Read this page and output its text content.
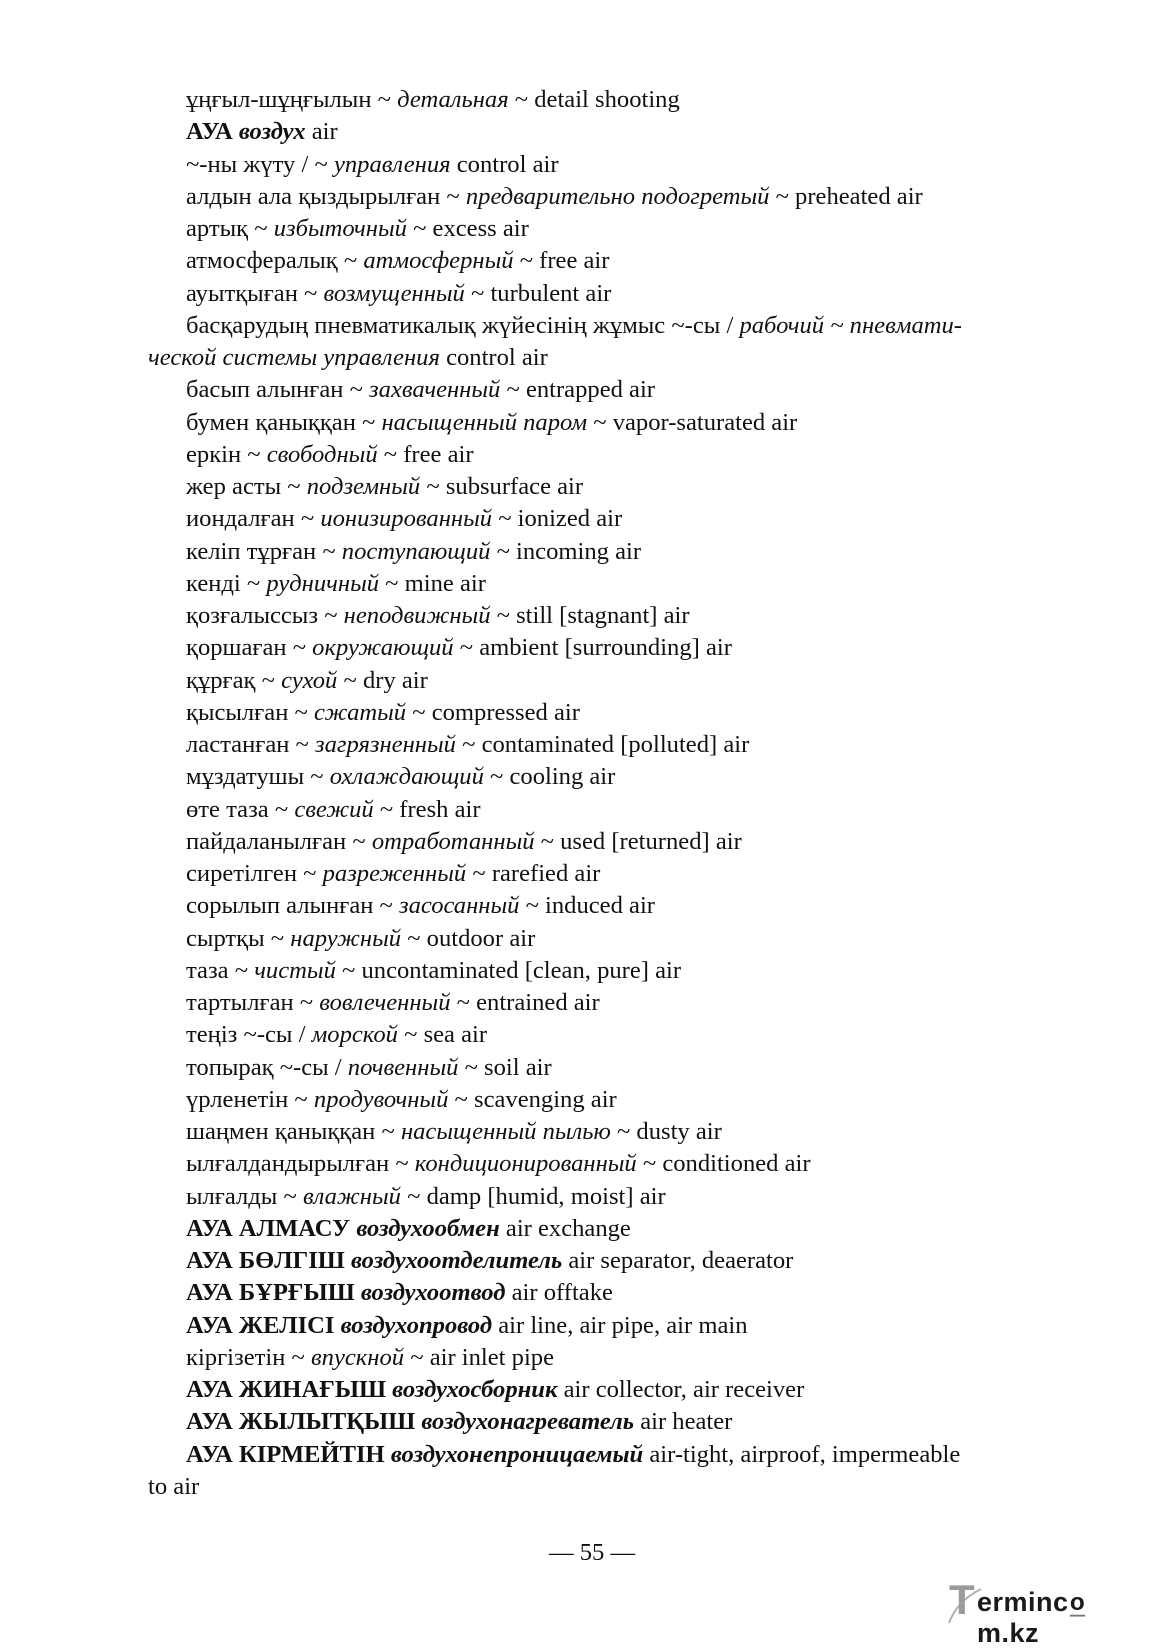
ұңғыл-шұңғылын ~ детальная ~ detail shooting
АУА воздух air
~-ны жүту / ~ управления control air
алдын ала қыздырылған ~ предварительно подогретый ~ preheated air
артық ~ избыточный ~ excess air
атмосфералық ~ атмосферный ~ free air
ауытқыған ~ возмущенный ~ turbulent air
басқарудың пневматикалық жүйесінің жұмыс ~-сы / рабочий ~ пневмати-
ческой системы управления control air
басып алынған ~ захваченный ~ entrapped air
бумен қаныққан ~ насыщенный паром ~ vapor-saturated air
еркін ~ свободный ~ free air
жер асты ~ подземный ~ subsurface air
иондалған ~ ионизированный ~ ionized air
келіп тұрған ~ поступающий ~ incoming air
кенді ~ рудничный ~ mine air
қозғалыссыз ~ неподвижный ~ still [stagnant] air
қоршаған ~ окружающий ~ ambient [surrounding] air
құрғақ ~ сухой ~ dry air
қысылған ~ сжатый ~ compressed air
ластанған ~ загрязненный ~ contaminated [polluted] air
мұздатушы ~ охлаждающий ~ cooling air
өте таза ~ свежий ~ fresh air
пайдаланылған ~ отработанный ~ used [returned] air
сиретілген ~ разреженный ~ rarefied air
сорылып алынған ~ засосанный ~ induced air
сыртқы ~ наружный ~ outdoor air
таза ~ чистый ~ uncontaminated [clean, pure] air
тартылған ~ вовлеченный ~ entrained air
теңіз ~-сы / морской ~ sea air
топырақ ~-сы / почвенный ~ soil air
үрленетін ~ продувочный ~ scavenging air
шаңмен қаныққан ~ насыщенный пылью ~ dusty air
ылғалдандырылған ~ кондиционированный ~ conditioned air
ылғалды ~ влажный ~ damp [humid, moist] air
АУА АЛМАСУ воздухообмен air exchange
АУА БӨЛГІШ воздухоотделитель air separator, deaerator
АУА БҰРҒЫШ воздухоотвод air offtake
АУА ЖЕЛІСІ воздухопровод air line, air pipe, air main
кіргізетін ~ впускной ~ air inlet pipe
АУА ЖИНАҒЫШ воздухосборник air collector, air receiver
АУА ЖЫЛЫТҚЫШ воздухонагреватель air heater
АУА КІРМЕЙТІН воздухонепроницаемый air-tight, airproof, impermeable
to air
— 55 —
T ermincom.kz
